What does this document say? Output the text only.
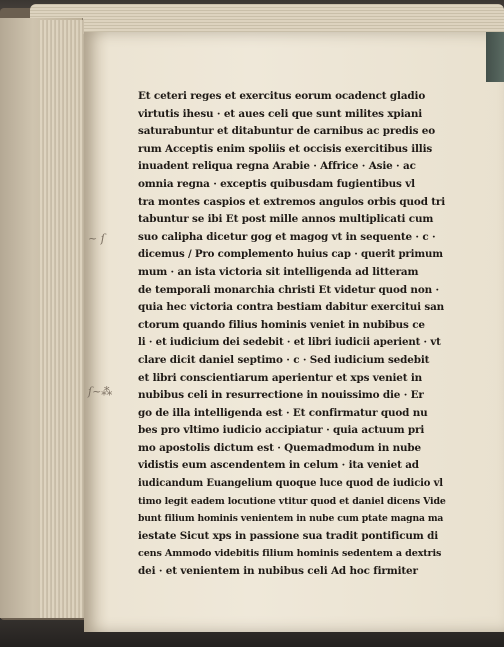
~ ſ
ſ~⁂
Et ceteri reges et exercitus eorum ocadenct gladio
virtutis ihesu · et aues celi que sunt milites xpiani
saturabuntur et ditabuntur de carnibus ac predis eo
rum Acceptis enim spoliis et occisis exercitibus illis
inuadent reliqua regna Arabie · Affrice · Asie · ac
omnia regna · exceptis quibusdam fugientibus vl
tra montes caspios et extremos angulos orbis quod tri
tabuntur se ibi Et post mille annos multiplicati cum
suo calipha dicetur gog et magog vt in sequente · c ·
dicemus / Pro complemento huius cap · querit primum
mum · an ista victoria sit intelligenda ad litteram
de temporali monarchia christi Et videtur quod non ·
quia hec victoria contra bestiam dabitur exercitui san
ctorum quando filius hominis veniet in nubibus ce
li · et iudicium dei sedebit · et libri iudicii aperient · vt
clare dicit daniel septimo · c · Sed iudicium sedebit
et libri conscientiarum aperientur et xps veniet in
nubibus celi in resurrectione in nouissimo die · Er
go de illa intelligenda est · Et confirmatur quod nu
bes pro vltimo iudicio accipiatur · quia actuum pri
mo apostolis dictum est · Quemadmodum in nube
vidistis eum ascendentem in celum · ita veniet ad
iudicandum Euangelium quoque luce quod de iudicio vl
timo legit eadem locutione vtitur quod et daniel dicens Vide
bunt filium hominis venientem in nube cum ptate magna ma
iestate Sicut xps in passione sua tradit pontificum di
cens Ammodo videbitis filium hominis sedentem a dextris
dei · et venientem in nubibus celi Ad hoc firmiter
